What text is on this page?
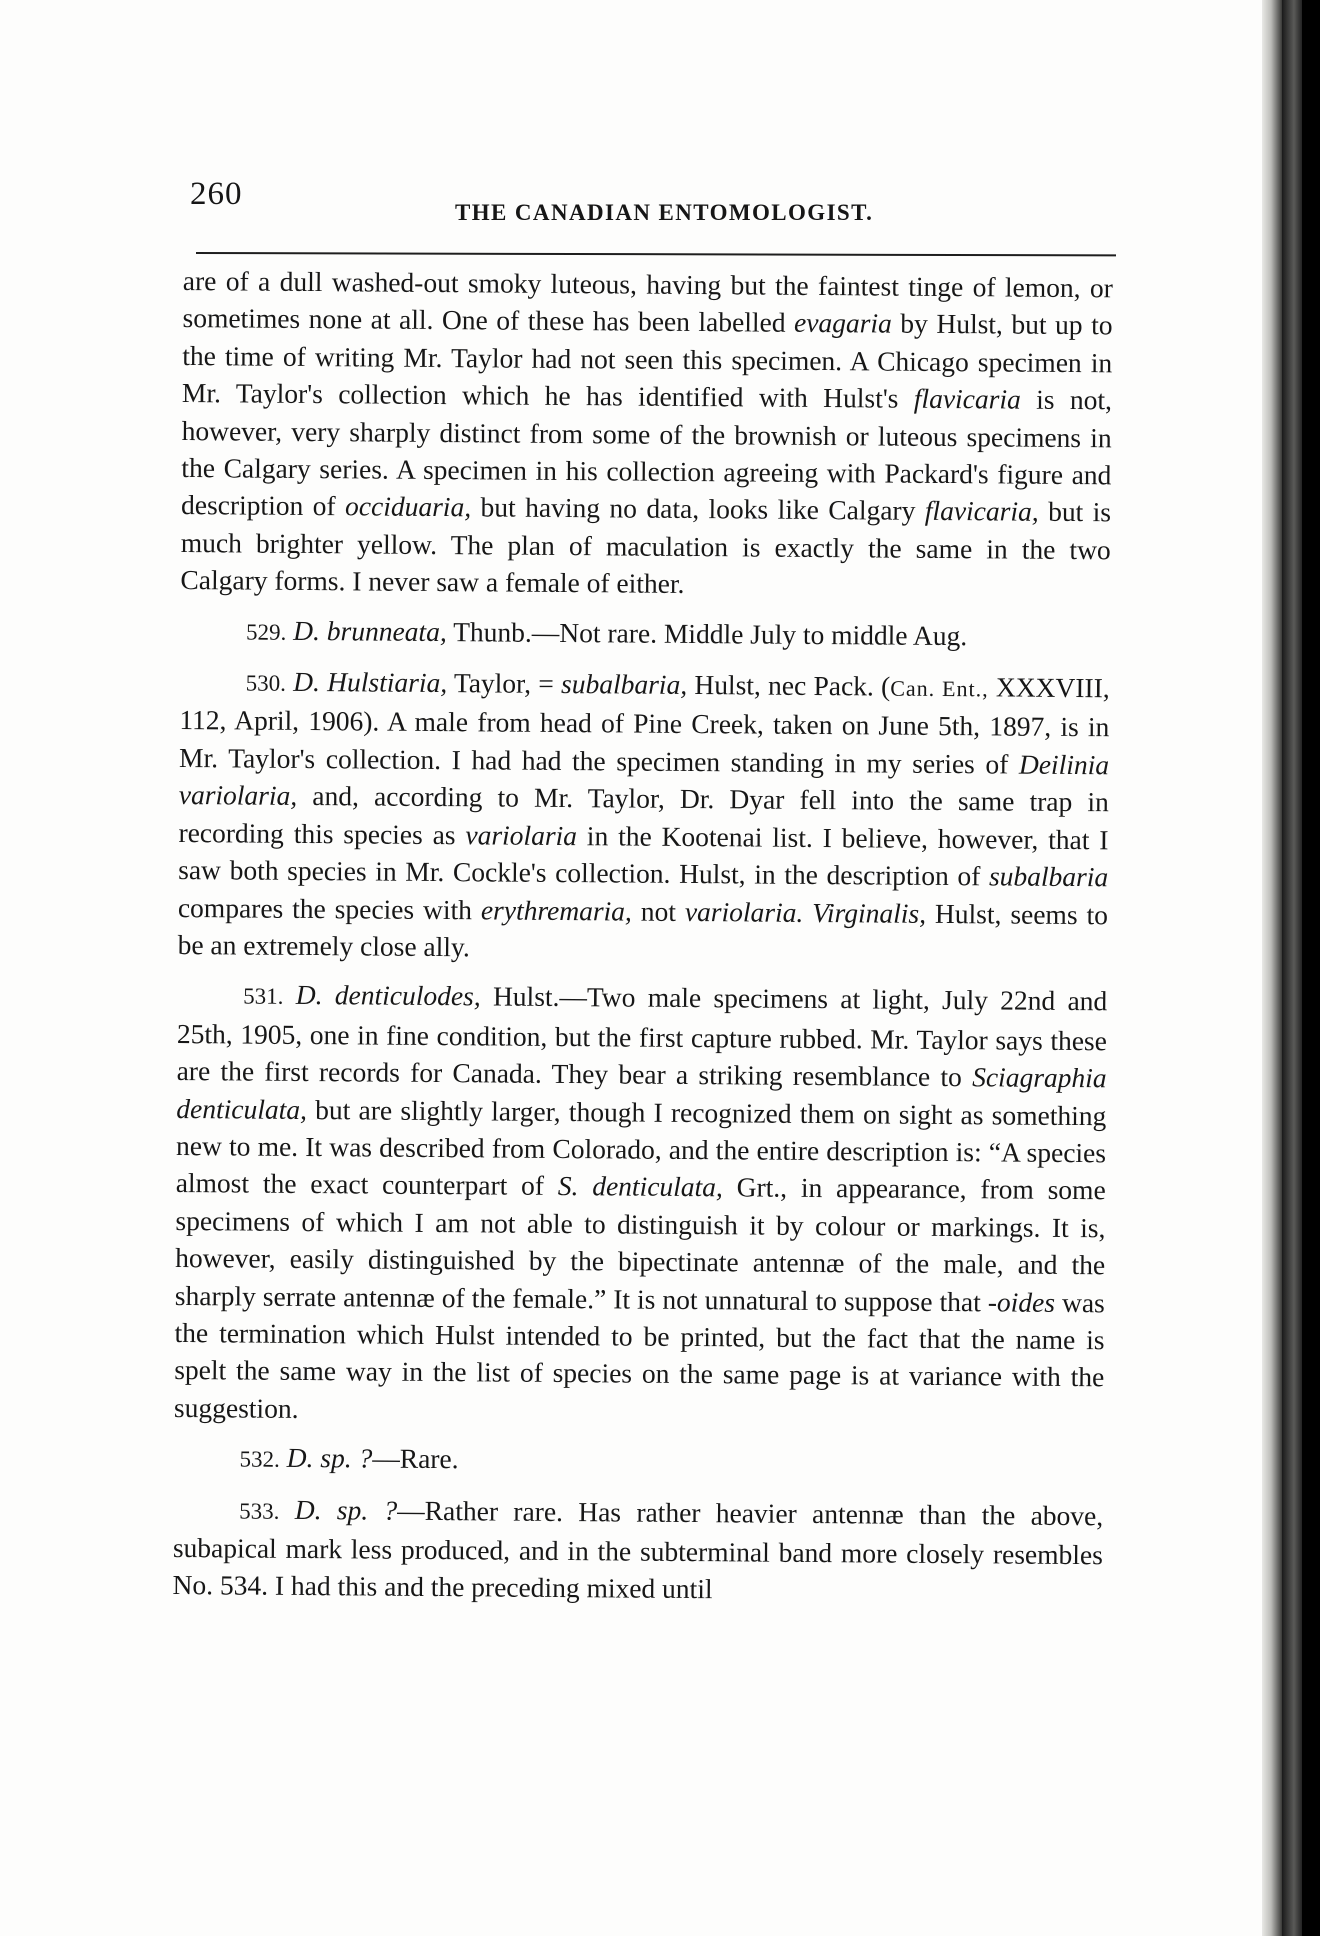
260
THE CANADIAN ENTOMOLOGIST.

are of a dull washed-out smoky luteous, having but the faintest tinge of lemon, or sometimes none at all. One of these has been labelled evagaria by Hulst, but up to the time of writing Mr. Taylor had not seen this specimen. A Chicago specimen in Mr. Taylor's collection which he has identified with Hulst's flavicaria is not, however, very sharply distinct from some of the brownish or luteous specimens in the Calgary series. A specimen in his collection agreeing with Packard's figure and description of occiduaria, but having no data, looks like Calgary flavicaria, but is much brighter yellow. The plan of maculation is exactly the same in the two Calgary forms. I never saw a female of either.

529. D. brunneata, Thunb.—Not rare. Middle July to middle Aug.

530. D. Hulstiaria, Taylor, = subalbaria, Hulst, nec Pack. (Can. Ent., XXXVIII, 112, April, 1906). A male from head of Pine Creek, taken on June 5th, 1897, is in Mr. Taylor's collection. I had had the specimen standing in my series of Deilinia variolaria, and, according to Mr. Taylor, Dr. Dyar fell into the same trap in recording this species as variolaria in the Kootenai list. I believe, however, that I saw both species in Mr. Cockle's collection. Hulst, in the description of subalbaria compares the species with erythremaria, not variolaria. Virginalis, Hulst, seems to be an extremely close ally.

531. D. denticulodes, Hulst.—Two male specimens at light, July 22nd and 25th, 1905, one in fine condition, but the first capture rubbed. Mr. Taylor says these are the first records for Canada. They bear a striking resemblance to Sciagraphia denticulata, but are slightly larger, though I recognized them on sight as something new to me. It was described from Colorado, and the entire description is: “A species almost the exact counterpart of S. denticulata, Grt., in appearance, from some specimens of which I am not able to distinguish it by colour or markings. It is, however, easily distinguished by the bipectinate antennæ of the male, and the sharply serrate antennæ of the female.” It is not unnatural to suppose that -oides was the termination which Hulst intended to be printed, but the fact that the name is spelt the same way in the list of species on the same page is at variance with the suggestion.

532. D. sp. ?—Rare.

533. D. sp. ?—Rather rare. Has rather heavier antennæ than the above, subapical mark less produced, and in the subterminal band more closely resembles No. 534. I had this and the preceding mixed until
